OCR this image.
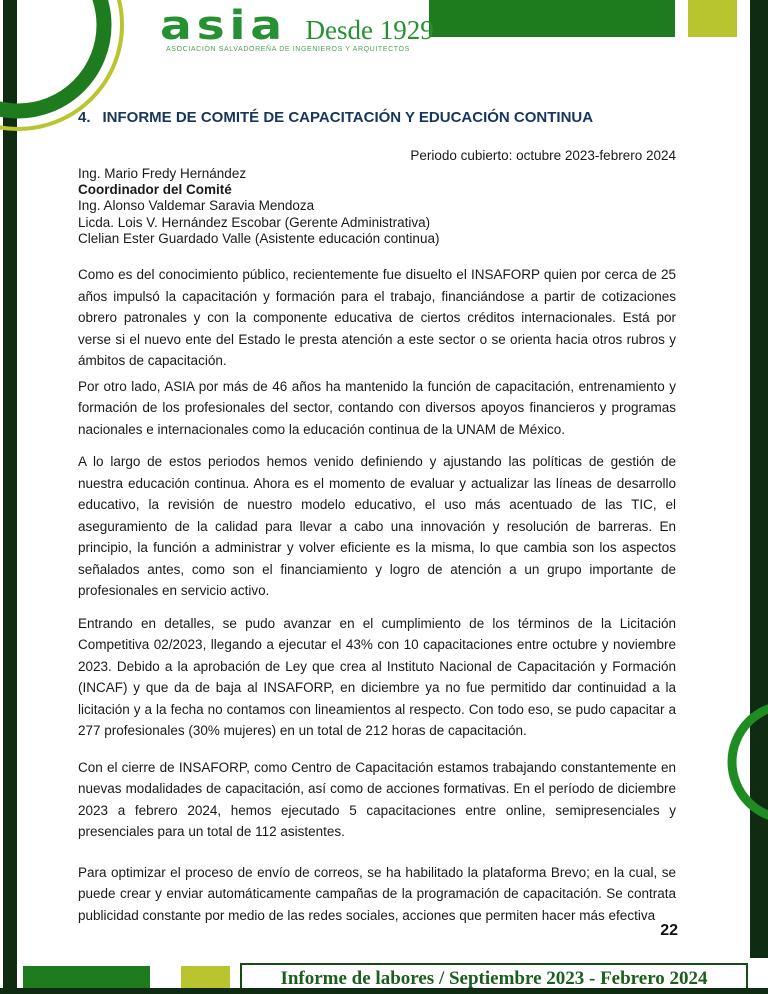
asia Desde 1929
ASOCIACIÓN SALVADOREÑA DE INGENIEROS Y ARQUITECTOS
4. INFORME DE COMITÉ DE CAPACITACIÓN Y EDUCACIÓN CONTINUA
Periodo cubierto: octubre 2023-febrero 2024
Ing. Mario Fredy Hernández
Coordinador del Comité
Ing. Alonso Valdemar Saravia Mendoza
Licda. Lois V. Hernández Escobar (Gerente Administrativa)
Clelian Ester Guardado Valle (Asistente educación continua)

Como es del conocimiento público, recientemente fue disuelto el INSAFORP quien por cerca de 25 años impulsó la capacitación y formación para el trabajo, financiándose a partir de cotizaciones obrero patronales y con la componente educativa de ciertos créditos internacionales. Está por verse si el nuevo ente del Estado le presta atención a este sector o se orienta hacia otros rubros y ámbitos de capacitación.

Por otro lado, ASIA por más de 46 años ha mantenido la función de capacitación, entrenamiento y formación de los profesionales del sector, contando con diversos apoyos financieros y programas nacionales e internacionales como la educación continua de la UNAM de México.

A lo largo de estos periodos hemos venido definiendo y ajustando las políticas de gestión de nuestra educación continua. Ahora es el momento de evaluar y actualizar las líneas de desarrollo educativo, la revisión de nuestro modelo educativo, el uso más acentuado de las TIC, el aseguramiento de la calidad para llevar a cabo una innovación y resolución de barreras. En principio, la función a administrar y volver eficiente es la misma, lo que cambia son los aspectos señalados antes, como son el financiamiento y logro de atención a un grupo importante de profesionales en servicio activo.

Entrando en detalles, se pudo avanzar en el cumplimiento de los términos de la Licitación Competitiva 02/2023, llegando a ejecutar el 43% con 10 capacitaciones entre octubre y noviembre 2023. Debido a la aprobación de Ley que crea al Instituto Nacional de Capacitación y Formación (INCAF) y que da de baja al INSAFORP, en diciembre ya no fue permitido dar continuidad a la licitación y a la fecha no contamos con lineamientos al respecto. Con todo eso, se pudo capacitar a 277 profesionales (30% mujeres) en un total de 212 horas de capacitación.

Con el cierre de INSAFORP, como Centro de Capacitación estamos trabajando constantemente en nuevas modalidades de capacitación, así como de acciones formativas. En el período de diciembre 2023 a febrero 2024, hemos ejecutado 5 capacitaciones entre online, semipresenciales y presenciales para un total de 112 asistentes.

Para optimizar el proceso de envío de correos, se ha habilitado la plataforma Brevo; en la cual, se puede crear y enviar automáticamente campañas de la programación de capacitación. Se contrata publicidad constante por medio de las redes sociales, acciones que permiten hacer más efectiva

22
Informe de labores / Septiembre 2023 - Febrero 2024
